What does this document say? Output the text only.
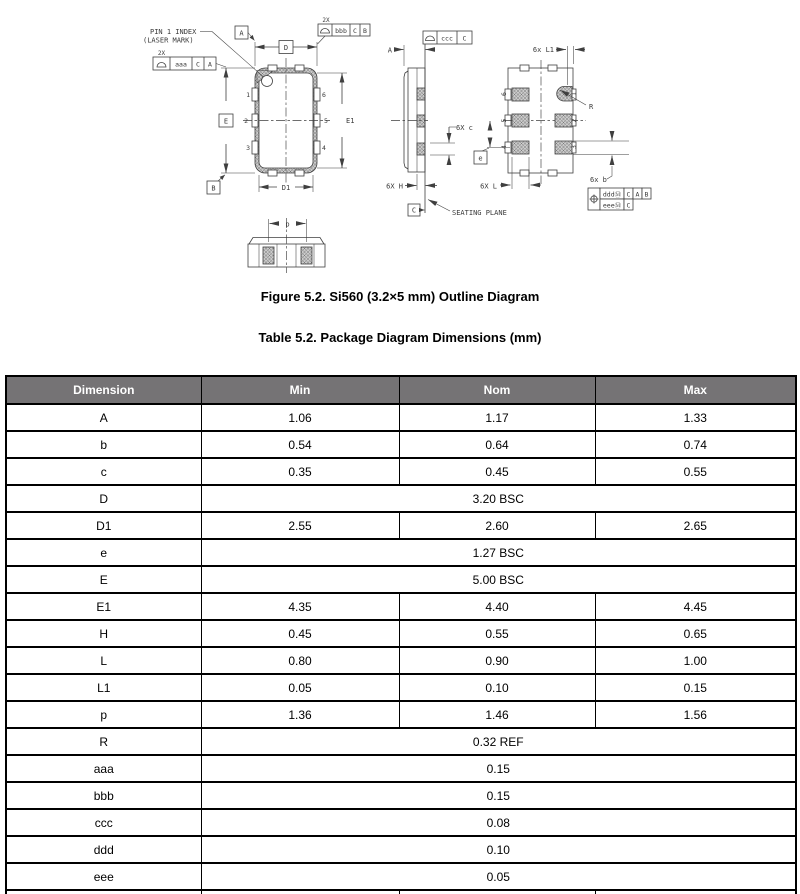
1
2
3
6
5
4
D
A
E
B
E1
D1
2X
aaa C A
2X
bbb C B
PIN 1 INDEX
(LASER MARK)
A
ccc C
6X c
6X H
C	SEATING PLANE
6
5
4
1
2
3
6x L1
R
e
6X L
6x b
dddⓂ C A B
eeeⓂ C
p
Figure 5.2. Si560 (3.2×5 mm) Outline Diagram
Table 5.2. Package Diagram Dimensions (mm)
Dimension	Min	Nom	Max
A	1.06	1.17	1.33
b	0.54	0.64	0.74
c	0.35	0.45	0.55
D	3.20 BSC		
D1	2.55	2.60	2.65
e	1.27 BSC		
E	5.00 BSC		
E1	4.35	4.40	4.45
H	0.45	0.55	0.65
L	0.80	0.90	1.00
L1	0.05	0.10	0.15
p	1.36	1.46	1.56
R	0.32 REF		
aaa	0.15		
bbb	0.15		
ccc	0.08		
ddd	0.10		
eee	0.05		
